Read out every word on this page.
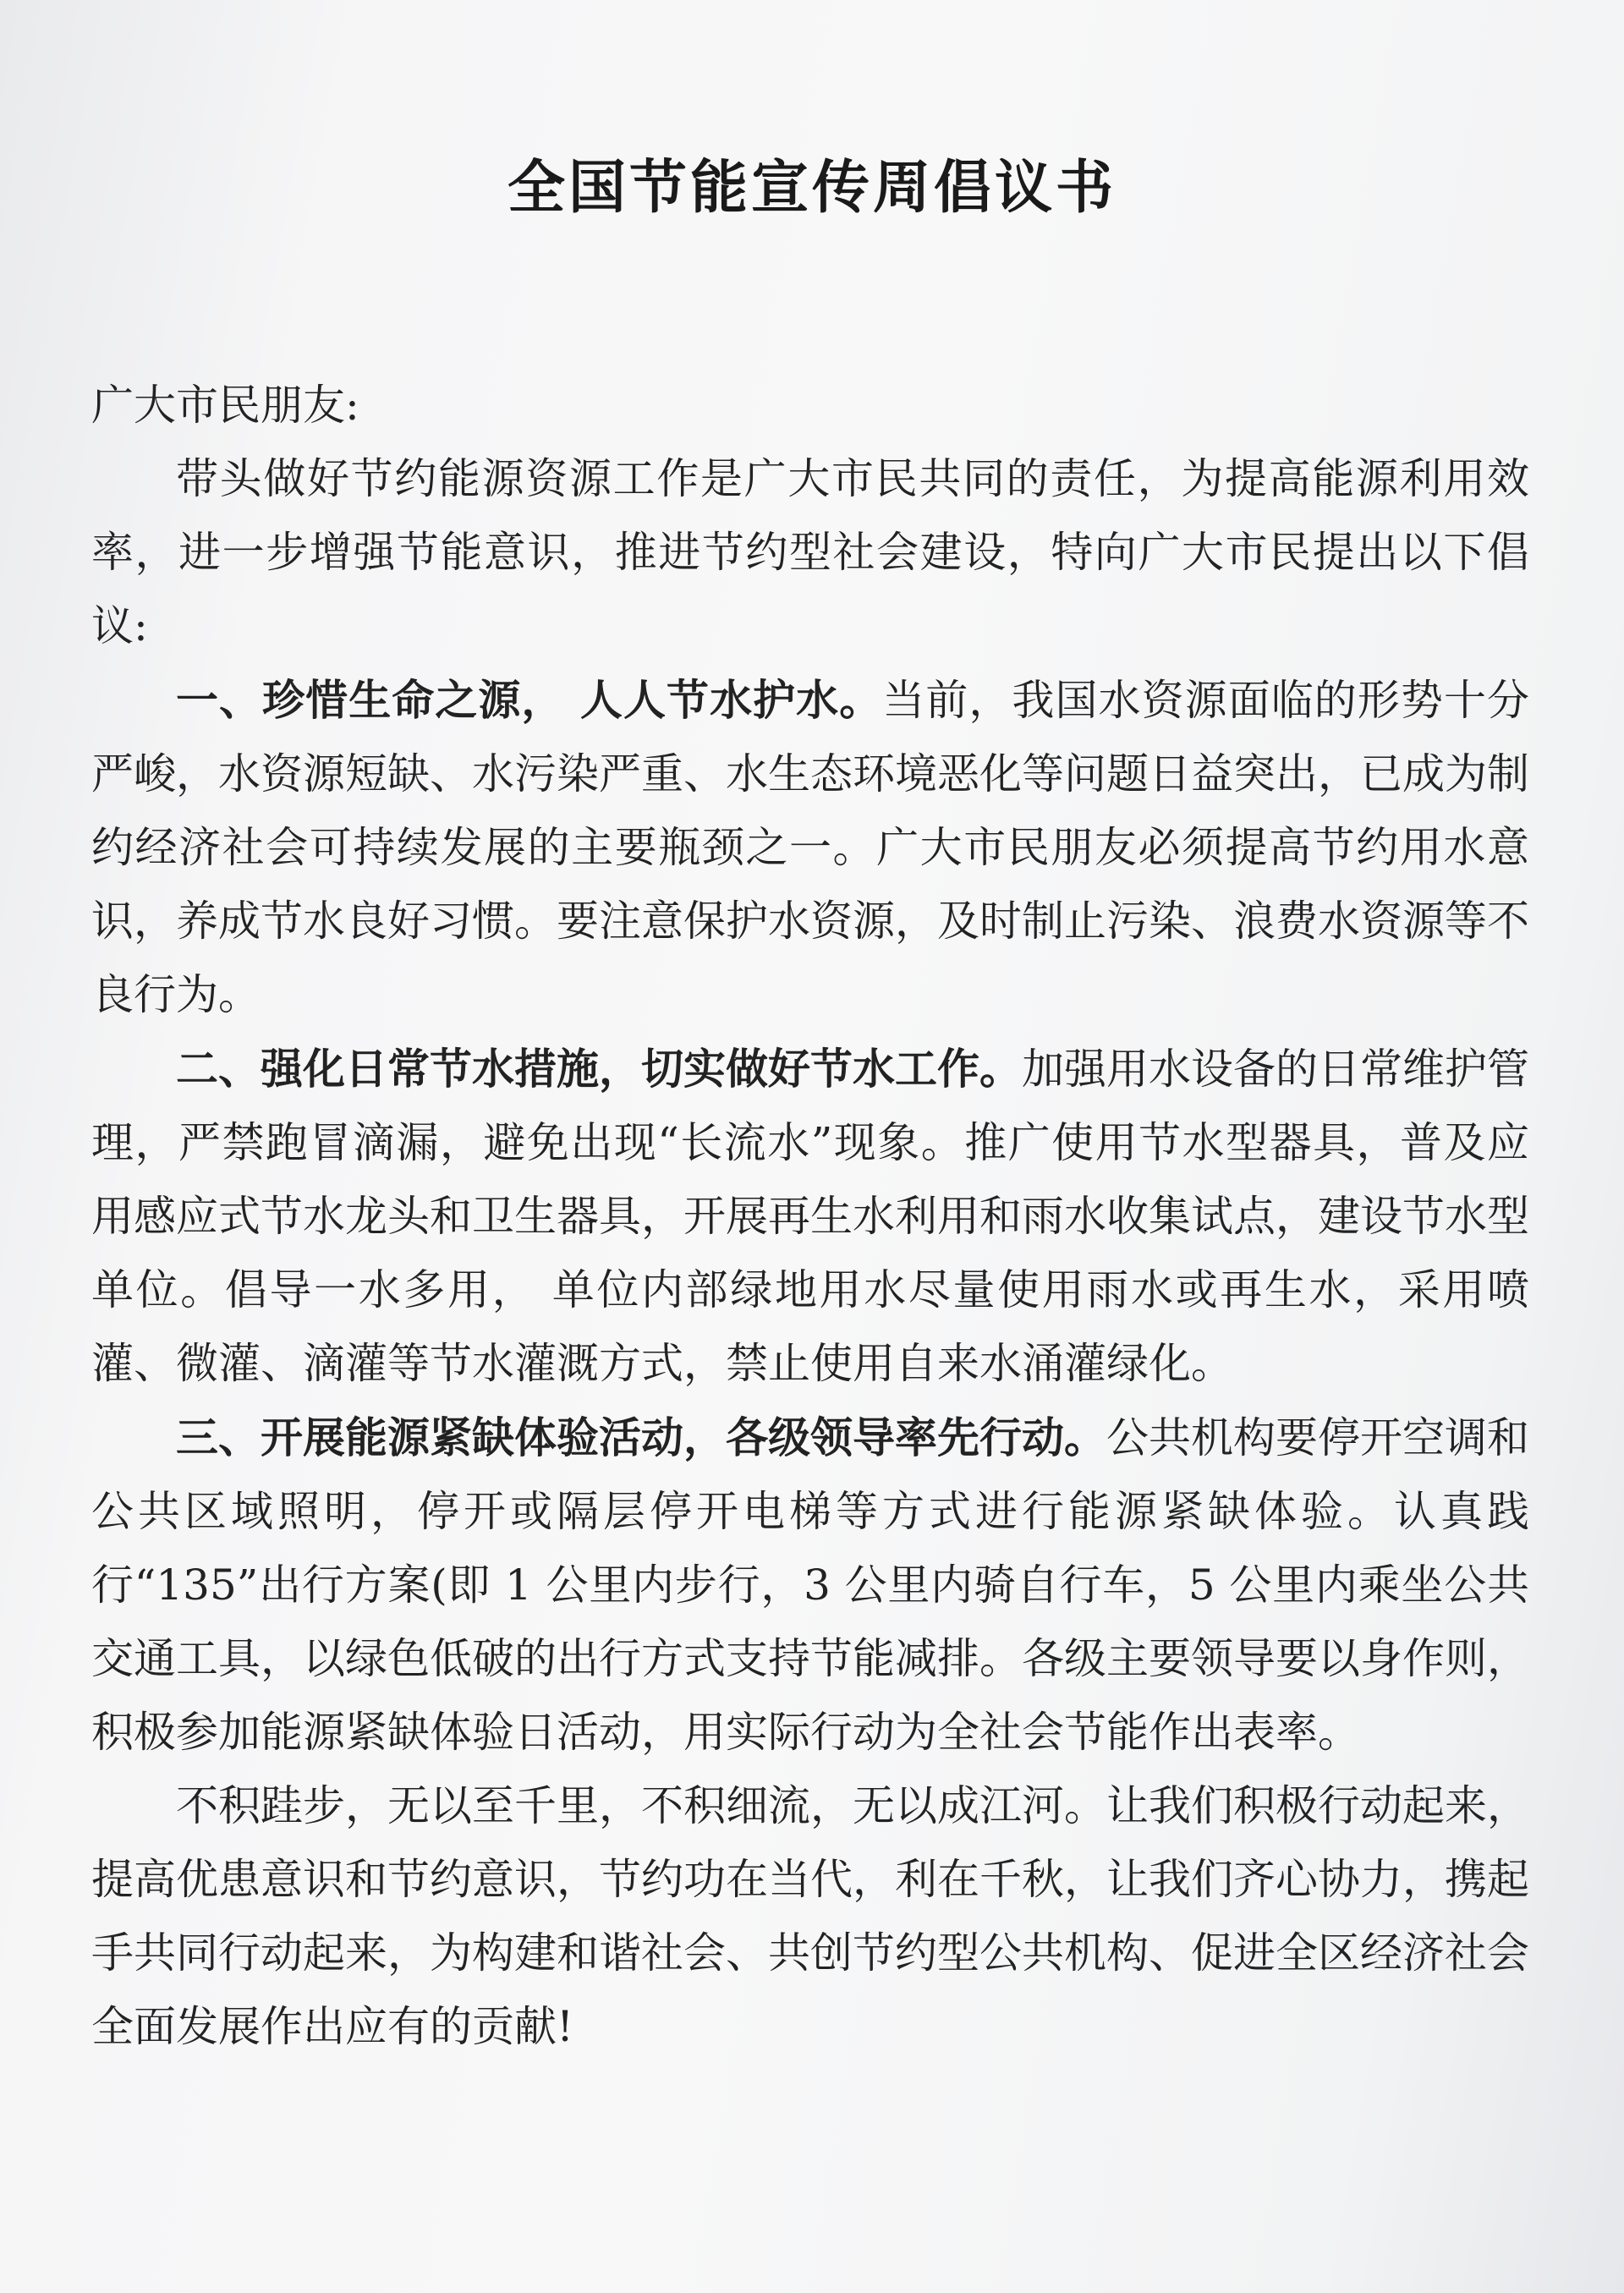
全国节能宣传周倡议书

广大市民朋友:

带头做好节约能源资源工作是广大市民共同的责任，为提高能源利用效率，进一步增强节能意识，推进节约型社会建设，特向广大市民提出以下倡议:

一、珍惜生命之源， 人人节水护水。当前，我国水资源面临的形势十分严峻，水资源短缺、水污染严重、水生态环境恶化等问题日益突出，已成为制约经济社会可持续发展的主要瓶颈之一。广大市民朋友必须提高节约用水意识，养成节水良好习惯。要注意保护水资源，及时制止污染、浪费水资源等不良行为。

二、强化日常节水措施，切实做好节水工作。加强用水设备的日常维护管理，严禁跑冒滴漏，避免出现“长流水”现象。推广使用节水型器具，普及应用感应式节水龙头和卫生器具，开展再生水利用和雨水收集试点，建设节水型单位。倡导一水多用， 单位内部绿地用水尽量使用雨水或再生水，采用喷灌、微灌、滴灌等节水灌溉方式，禁止使用自来水涌灌绿化。

三、开展能源紧缺体验活动，各级领导率先行动。公共机构要停开空调和公共区域照明，停开或隔层停开电梯等方式进行能源紧缺体验。认真践行“135”出行方案(即 1 公里内步行，3 公里内骑自行车，5 公里内乘坐公共交通工具，以绿色低破的出行方式支持节能减排。各级主要领导要以身作则，积极参加能源紧缺体验日活动，用实际行动为全社会节能作出表率。

不积跬步，无以至千里，不积细流，无以成江河。让我们积极行动起来，提高优患意识和节约意识，节约功在当代，利在千秋，让我们齐心协力，携起手共同行动起来，为构建和谐社会、共创节约型公共机构、促进全区经济社会全面发展作出应有的贡献!
